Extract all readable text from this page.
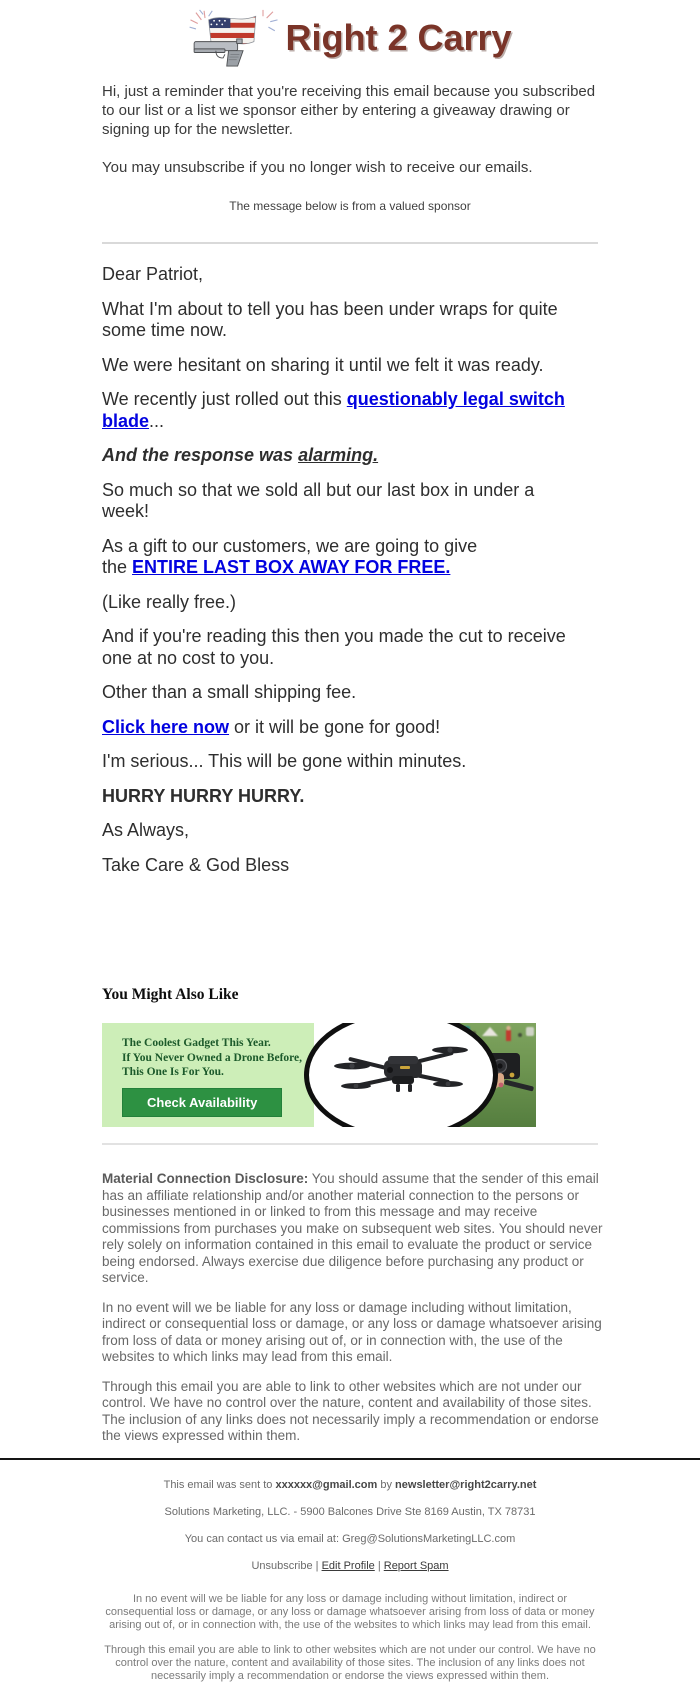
Right 2 Carry

Hi, just a reminder that you're receiving this email because you subscribed to our list or a list we sponsor either by entering a giveaway drawing or signing up for the newsletter.

You may unsubscribe if you no longer wish to receive our emails.

The message below is from a valued sponsor

Dear Patriot,

What I'm about to tell you has been under wraps for quite some time now.

We were hesitant on sharing it until we felt it was ready.

We recently just rolled out this questionably legal switch blade...

And the response was alarming.

So much so that we sold all but our last box in under a week!

As a gift to our customers, we are going to give
the ENTIRE LAST BOX AWAY FOR FREE.

(Like really free.)

And if you're reading this then you made the cut to receive one at no cost to you.

Other than a small shipping fee.

Click here now or it will be gone for good!

I'm serious... This will be gone within minutes.

HURRY HURRY HURRY.

As Always,

Take Care & God Bless

You Might Also Like
The Coolest Gadget This Year.
If You Never Owned a Drone Before,
This One Is For You.
Check Availability

Material Connection Disclosure: You should assume that the sender of this email has an affiliate relationship and/or another material connection to the persons or businesses mentioned in or linked to from this message and may receive commissions from purchases you make on subsequent web sites. You should never rely solely on information contained in this email to evaluate the product or service being endorsed. Always exercise due diligence before purchasing any product or service.

In no event will we be liable for any loss or damage including without limitation, indirect or consequential loss or damage, or any loss or damage whatsoever arising from loss of data or money arising out of, or in connection with, the use of the websites to which links may lead from this email.

Through this email you are able to link to other websites which are not under our control. We have no control over the nature, content and availability of those sites. The inclusion of any links does not necessarily imply a recommendation or endorse the views expressed within them.

This email was sent to xxxxxx@gmail.com by newsletter@right2carry.net
Solutions Marketing, LLC. - 5900 Balcones Drive Ste 8169 Austin, TX 78731
You can contact us via email at: Greg@SolutionsMarketingLLC.com
Unsubscribe | Edit Profile | Report Spam
In no event will we be liable for any loss or damage including without limitation, indirect or consequential loss or damage, or any loss or damage whatsoever arising from loss of data or money arising out of, or in connection with, the use of the websites to which links may lead from this email.
Through this email you are able to link to other websites which are not under our control. We have no control over the nature, content and availability of those sites. The inclusion of any links does not necessarily imply a recommendation or endorse the views expressed within them.
